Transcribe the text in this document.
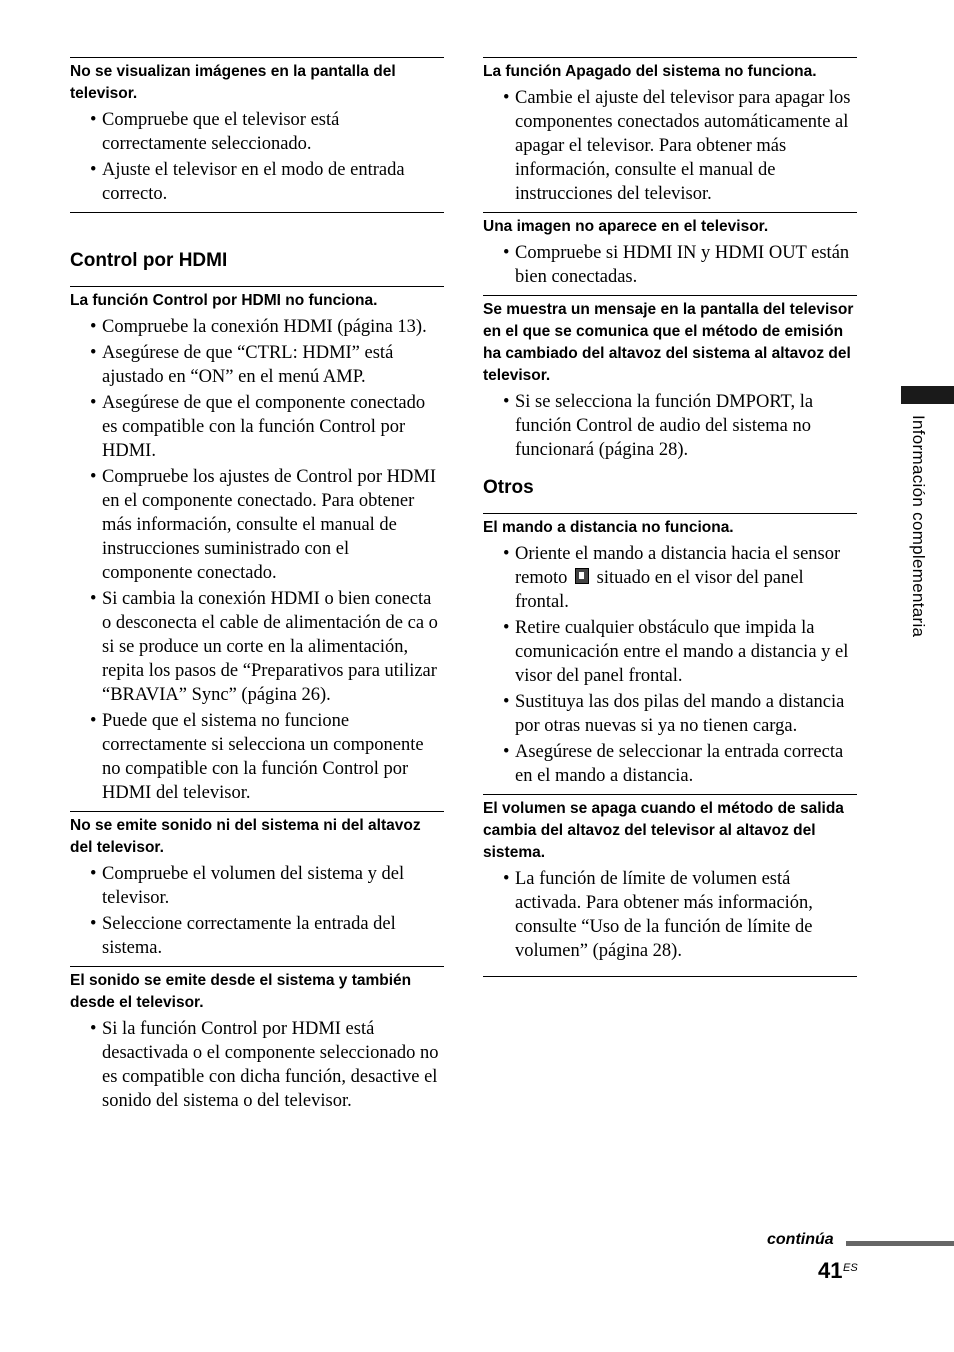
No se visualizan imágenes en la pantalla del televisor.

• Compruebe que el televisor está correctamente seleccionado.
• Ajuste el televisor en el modo de entrada correcto.
Control por HDMI

La función Control por HDMI no funciona.

• Compruebe la conexión HDMI (página 13).
• Asegúrese de que “CTRL: HDMI” está ajustado en “ON” en el menú AMP.
• Asegúrese de que el componente conectado es compatible con la función Control por HDMI.
• Compruebe los ajustes de Control por HDMI en el componente conectado. Para obtener más información, consulte el manual de instrucciones suministrado con el componente conectado.
• Si cambia la conexión HDMI o bien conecta o desconecta el cable de alimentación de ca o si se produce un corte en la alimentación, repita los pasos de “Preparativos para utilizar “BRAVIA” Sync” (página 26).
• Puede que el sistema no funcione correctamente si selecciona un componente no compatible con la función Control por HDMI del televisor.

No se emite sonido ni del sistema ni del altavoz del televisor.

• Compruebe el volumen del sistema y del televisor.
• Seleccione correctamente la entrada del sistema.

El sonido se emite desde el sistema y también desde el televisor.

• Si la función Control por HDMI está desactivada o el componente seleccionado no es compatible con dicha función, desactive el sonido del sistema o del televisor.

La función Apagado del sistema no funciona.

• Cambie el ajuste del televisor para apagar los componentes conectados automáticamente al apagar el televisor. Para obtener más información, consulte el manual de instrucciones del televisor.

Una imagen no aparece en el televisor.

• Compruebe si HDMI IN y HDMI OUT están bien conectadas.

Se muestra un mensaje en la pantalla del televisor en el que se comunica que el método de emisión ha cambiado del altavoz del sistema al altavoz del televisor.

• Si se selecciona la función DMPORT, la función Control de audio del sistema no funcionará (página 28).
Otros

El mando a distancia no funciona.

• Oriente el mando a distancia hacia el sensor remoto situado en el visor del panel frontal.
• Retire cualquier obstáculo que impida la comunicación entre el mando a distancia y el visor del panel frontal.
• Sustituya las dos pilas del mando a distancia por otras nuevas si ya no tienen carga.
• Asegúrese de seleccionar la entrada correcta en el mando a distancia.

El volumen se apaga cuando el método de salida cambia del altavoz del televisor al altavoz del sistema.

• La función de límite de volumen está activada. Para obtener más información, consulte “Uso de la función de límite de volumen” (página 28).
Información complementaria
continúa
41 ES
